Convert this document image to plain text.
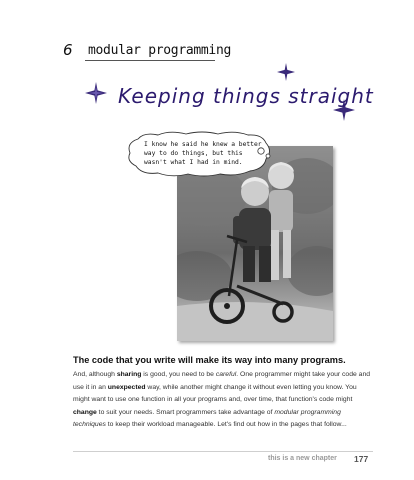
6 modular programming
Keeping things straight
I know he said he knew a better way to do things, but this wasn't what I had in mind.
The code that you write will make its way into many programs.
And, although sharing is good, you need to be careful. One programmer might take your code and use it in an unexpected way, while another might change it without even letting you know. You might want to use one function in all your programs and, over time, that function's code might change to suit your needs. Smart programmers take advantage of modular programming techniques to keep their workload manageable. Let's find out how in the pages that follow...
this is a new chapter 177
